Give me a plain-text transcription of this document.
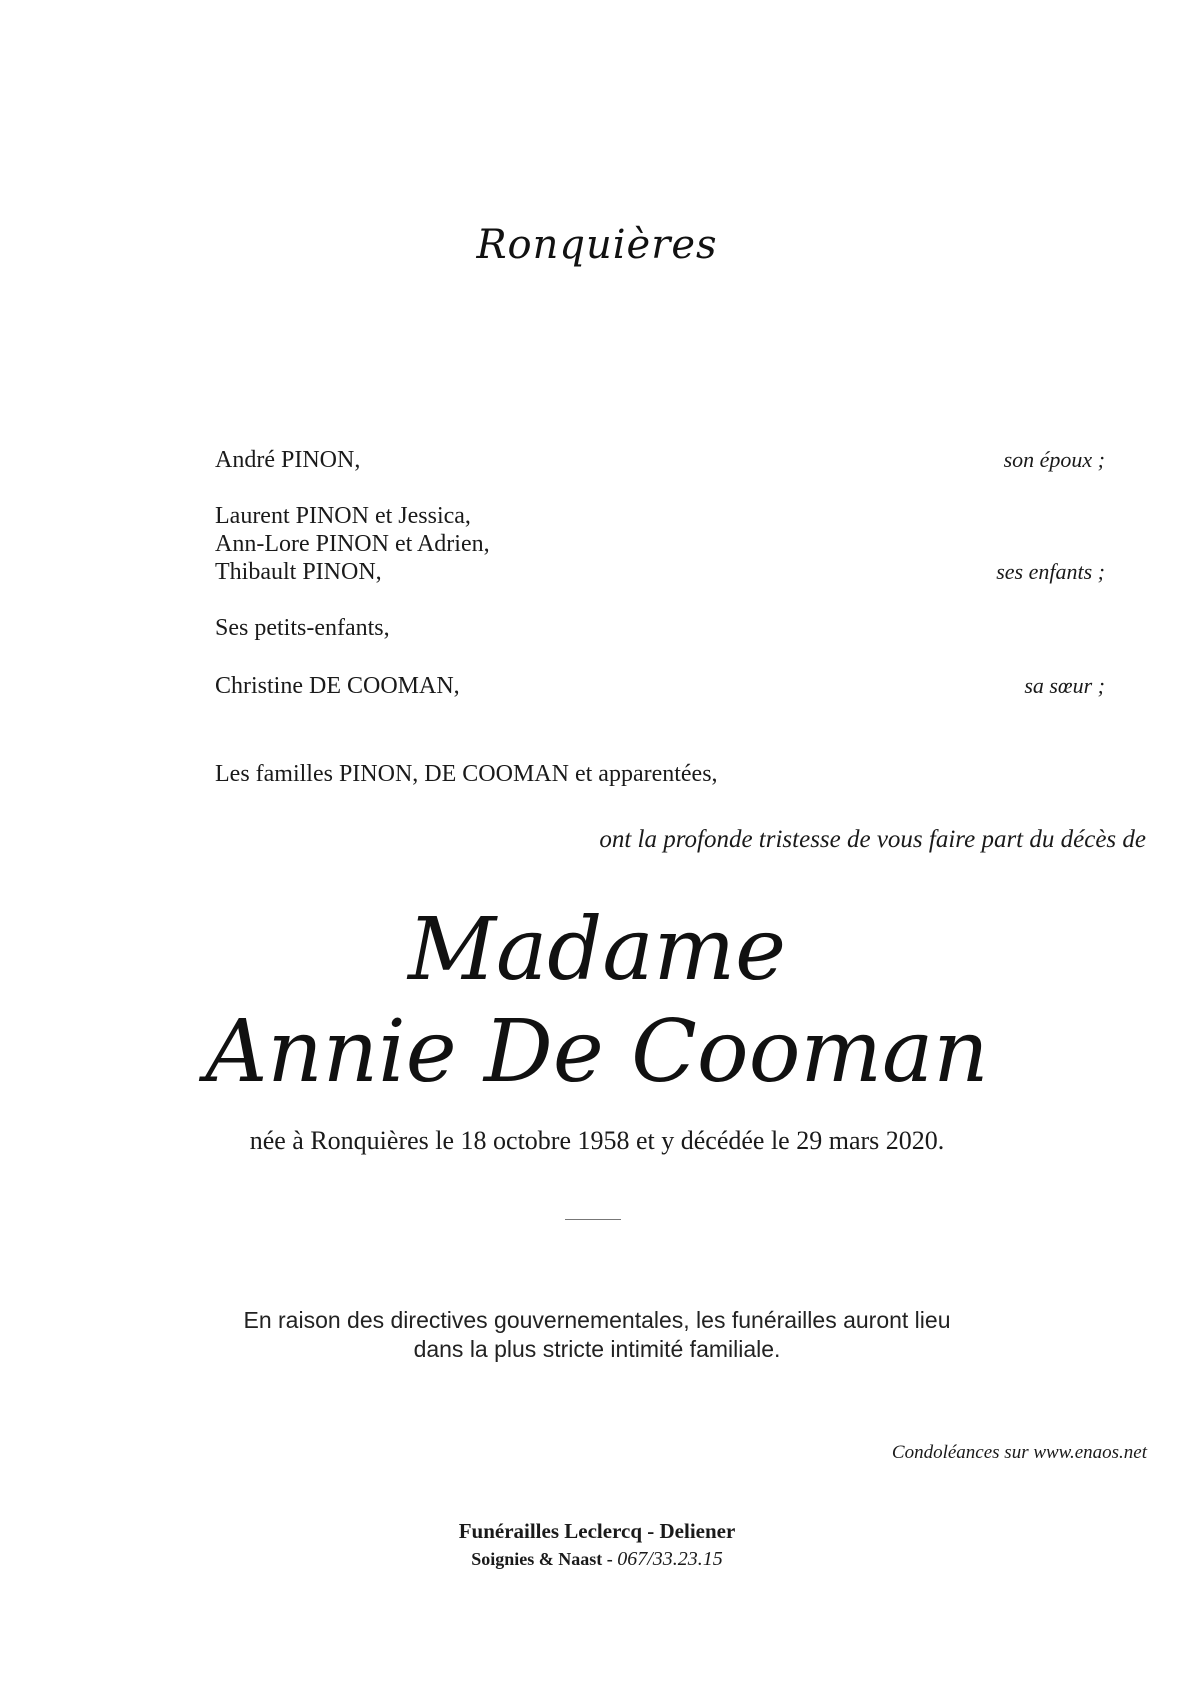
Ronquières
André PINON,	son époux ;
Laurent PINON et Jessica,
Ann-Lore PINON et Adrien,
Thibault PINON,	ses enfants ;
Ses petits-enfants,
Christine DE COOMAN,	sa sœur ;
Les familles PINON, DE COOMAN et apparentées,
ont la profonde tristesse de vous faire part du décès de
Madame
Annie De Cooman
née à Ronquières le 18 octobre 1958 et y décédée le 29 mars 2020.
En raison des directives gouvernementales, les funérailles auront lieu
dans la plus stricte intimité familiale.
Condoléances sur www.enaos.net
Funérailles Leclercq - Deliener
Soignies & Naast - 067/33.23.15
